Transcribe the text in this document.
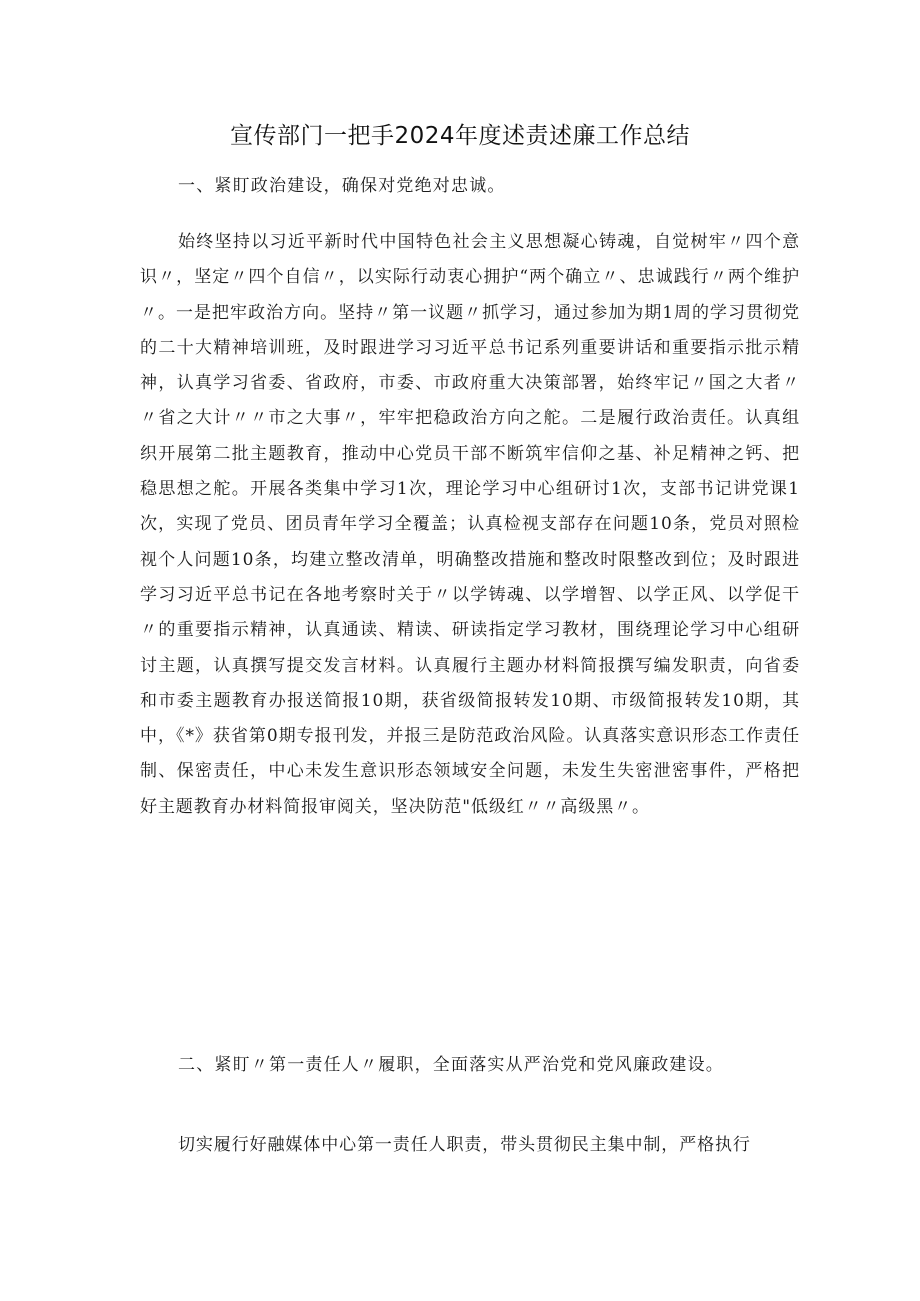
宣传部门一把手2024年度述责述廉工作总结
一、紧盯政治建设，确保对党绝对忠诚。
始终坚持以习近平新时代中国特色社会主义思想凝心铸魂，自觉树牢〃四个意识〃，坚定〃四个自信〃，以实际行动衷心拥护“两个确立〃、忠诚践行〃两个维护〃。一是把牢政治方向。坚持〃第一议题〃抓学习，通过参加为期1周的学习贯彻党的二十大精神培训班，及时跟进学习习近平总书记系列重要讲话和重要指示批示精神，认真学习省委、省政府，市委、市政府重大决策部署，始终牢记〃国之大者〃〃省之大计〃〃市之大事〃，牢牢把稳政治方向之舵。二是履行政治责任。认真组织开展第二批主题教育，推动中心党员干部不断筑牢信仰之基、补足精神之钙、把稳思想之舵。开展各类集中学习1次，理论学习中心组研讨1次，支部书记讲党课1次，实现了党员、团员青年学习全覆盖；认真检视支部存在问题10条，党员对照检视个人问题10条，均建立整改清单，明确整改措施和整改时限整改到位；及时跟进学习习近平总书记在各地考察时关于〃以学铸魂、以学增智、以学正风、以学促干〃的重要指示精神，认真通读、精读、研读指定学习教材，围绕理论学习中心组研讨主题，认真撰写提交发言材料。认真履行主题办材料简报撰写编发职责，向省委和市委主题教育办报送简报10期，获省级简报转发10期、市级简报转发10期，其中，《*》获省第0期专报刊发，并报三是防范政治风险。认真落实意识形态工作责任制、保密责任，中心未发生意识形态领域安全问题，未发生失密泄密事件，严格把好主题教育办材料简报审阅关，坚决防范"低级红〃〃高级黑〃。
二、紧盯〃第一责任人〃履职，全面落实从严治党和党风廉政建设。
切实履行好融媒体中心第一责任人职责，带头贯彻民主集中制，严格执行
